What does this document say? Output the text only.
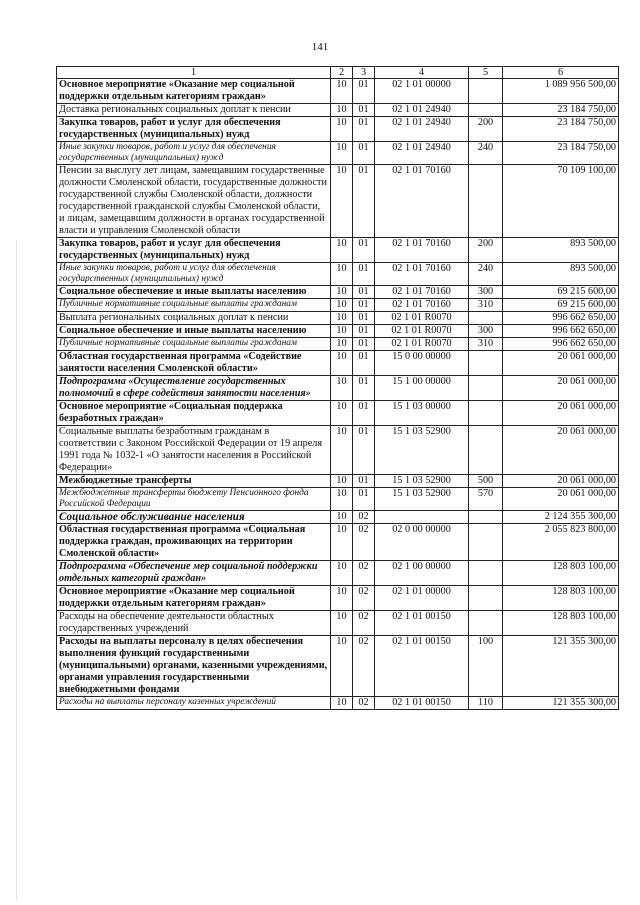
141
1	2	3	4	5	6
Основное мероприятие «Оказание мер социальной поддержки отдельным категориям граждан»	10	01	02 1 01 00000		1 089 956 500,00
Доставка региональных социальных доплат к пенсии	10	01	02 1 01 24940		23 184 750,00
Закупка товаров, работ и услуг для обеспечения государственных (муниципальных) нужд	10	01	02 1 01 24940	200	23 184 750,00
Иные закупки товаров, работ и услуг для обеспечения государственных (муниципальных) нужд	10	01	02 1 01 24940	240	23 184 750,00
Пенсии за выслугу лет лицам, замещавшим государственные должности Смоленской области, государственные должности государственной службы Смоленской области, должности государственной гражданской службы Смоленской области, и лицам, замещавшим должности в органах государственной власти и управления Смоленской области	10	01	02 1 01 70160		70 109 100,00
Закупка товаров, работ и услуг для обеспечения государственных (муниципальных) нужд	10	01	02 1 01 70160	200	893 500,00
Иные закупки товаров, работ и услуг для обеспечения государственных (муниципальных) нужд	10	01	02 1 01 70160	240	893 500,00
Социальное обеспечение и иные выплаты населению	10	01	02 1 01 70160	300	69 215 600,00
Публичные нормативные социальные выплаты гражданам	10	01	02 1 01 70160	310	69 215 600,00
Выплата региональных социальных доплат к пенсии	10	01	02 1 01 R0070		996 662 650,00
Социальное обеспечение и иные выплаты населению	10	01	02 1 01 R0070	300	996 662 650,00
Публичные нормативные социальные выплаты гражданам	10	01	02 1 01 R0070	310	996 662 650,00
Областная государственная программа «Содействие занятости населения Смоленской области»	10	01	15 0 00 00000		20 061 000,00
Подпрограмма «Осуществление государственных полномочий в сфере содействия занятости населения»	10	01	15 1 00 00000		20 061 000,00
Основное мероприятие «Социальная поддержка безработных граждан»	10	01	15 1 03 00000		20 061 000,00
Социальные выплаты безработным гражданам в соответствии с Законом Российской Федерации от 19 апреля 1991 года № 1032-1 «О занятости населения в Российской Федерации»	10	01	15 1 03 52900		20 061 000,00
Межбюджетные трансферты	10	01	15 1 03 52900	500	20 061 000,00
Межбюджетные трансферты бюджету Пенсионного фонда Российской Федерации	10	01	15 1 03 52900	570	20 061 000,00
Социальное обслуживание населения	10	02			2 124 355 300,00
Областная государственная программа «Социальная поддержка граждан, проживающих на территории Смоленской области»	10	02	02 0 00 00000		2 055 823 800,00
Подпрограмма «Обеспечение мер социальной поддержки отдельных категорий граждан»	10	02	02 1 00 00000		128 803 100,00
Основное мероприятие «Оказание мер социальной поддержки отдельным категориям граждан»	10	02	02 1 01 00000		128 803 100,00
Расходы на обеспечение деятельности областных государственных учреждений	10	02	02 1 01 00150		128 803 100,00
Расходы на выплаты персоналу в целях обеспечения выполнения функций государственными (муниципальными) органами, казенными учреждениями, органами управления государственными внебюджетными фондами	10	02	02 1 01 00150	100	121 355 300,00
Расходы на выплаты персоналу казенных учреждений	10	02	02 1 01 00150	110	121 355 300,00
